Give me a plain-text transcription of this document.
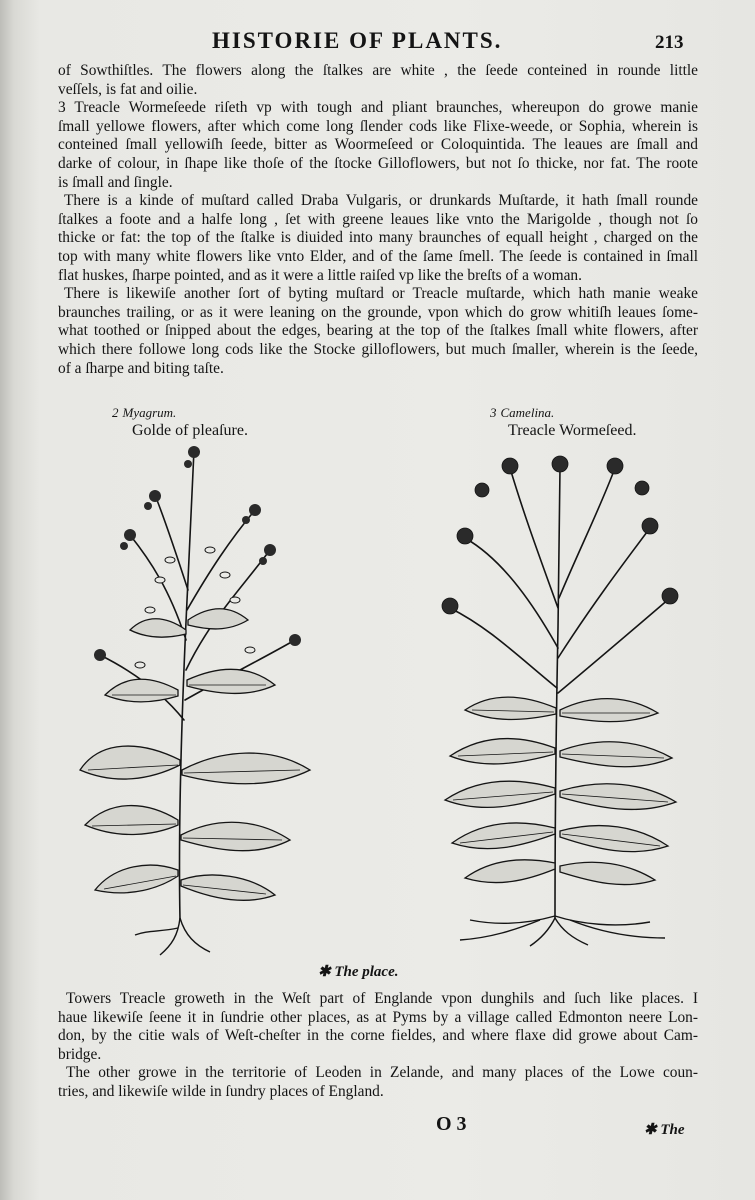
HISTORIE OF PLANTS.	213
of Sowthiſtles. The flowers along the ſtalkes are white , the ſeede conteined in rounde little
veſſels, is fat and oilie.
3 Treacle Wormeſeede riſeth vp with tough and pliant braunches, whereupon do growe manie
ſmall yellowe flowers, after which come long ſlender cods like Flixe-weede, or Sophia, wherein is
conteined ſmall yellowiſh ſeede, bitter as Woormeſeed or Coloquintida. The leaues are ſmall and
darke of colour, in ſhape like thoſe of the ſtocke Gilloflowers, but not ſo thicke, nor fat. The roote
is ſmall and ſingle.
There is a kinde of muſtard called Draba Vulgaris, or drunkards Muſtarde, it hath ſmall rounde
ſtalkes a foote and a halfe long , ſet with greene leaues like vnto the Marigolde , though not ſo
thicke or fat: the top of the ſtalke is diuided into many braunches of equall height , charged on the
top with many white flowers like vnto Elder, and of the ſame ſmell. The ſeede is contained in ſmall
flat huskes, ſharpe pointed, and as it were a little raiſed vp like the breſts of a woman.
There is likewiſe another ſort of byting muſtard or Treacle muſtarde, which hath manie weake
braunches trailing, or as it were leaning on the grounde, vpon which do grow whitiſh leaues ſome-
what toothed or ſnipped about the edges, bearing at the top of the ſtalkes ſmall white flowers, after
which there followe long cods like the Stocke gilloflowers, but much ſmaller, wherein is the ſeede,
of a ſharpe and biting taſte.
2 Myagrum.
Golde of pleaſure.
3 Camelina.
Treacle Wormeſeed.
✱ The place.
Towers Treacle groweth in the Weſt part of Englande vpon dunghils and ſuch like places. I
haue likewiſe ſeene it in ſundrie other places, as at Pyms by a village called Edmonton neere Lon-
don, by the citie wals of Weſt-cheſter in the corne fieldes, and where flaxe did growe about Cam-
bridge.
The other growe in the territorie of Leoden in Zelande, and many places of the Lowe coun-
tries, and likewiſe wilde in ſundry places of England.
O 3	✱ The
